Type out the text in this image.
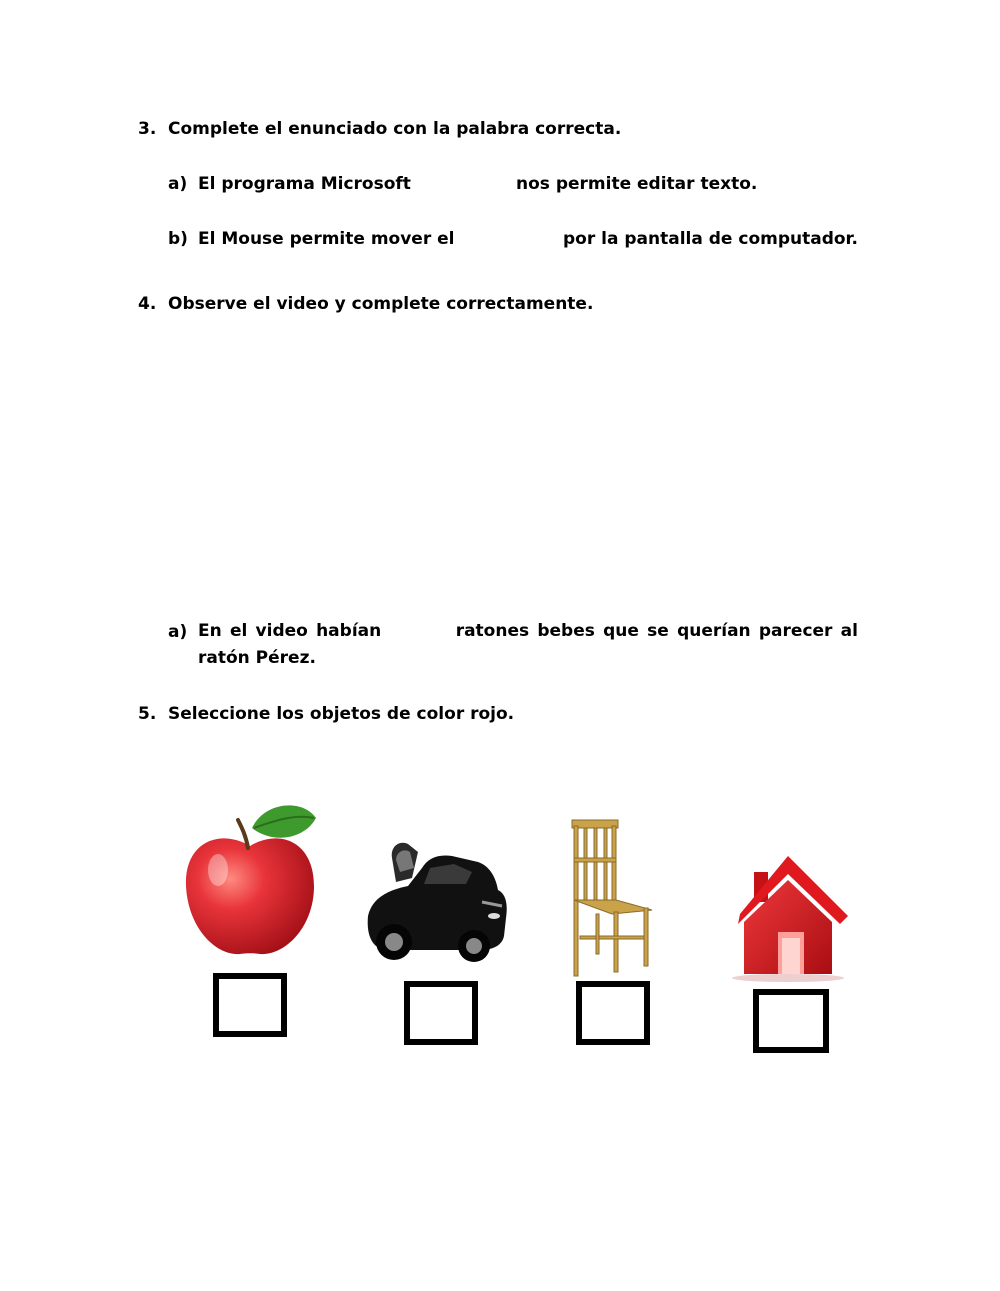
3. Complete el enunciado con la palabra correcta.
a) El programa Microsoft	nos permite editar texto.
b) El Mouse permite mover el	por la pantalla de computador.
4. Observe el video y complete correctamente.
a) En el video habían	ratones bebes que se querían parecer al
ratón Pérez.
5. Seleccione los objetos de color rojo.
